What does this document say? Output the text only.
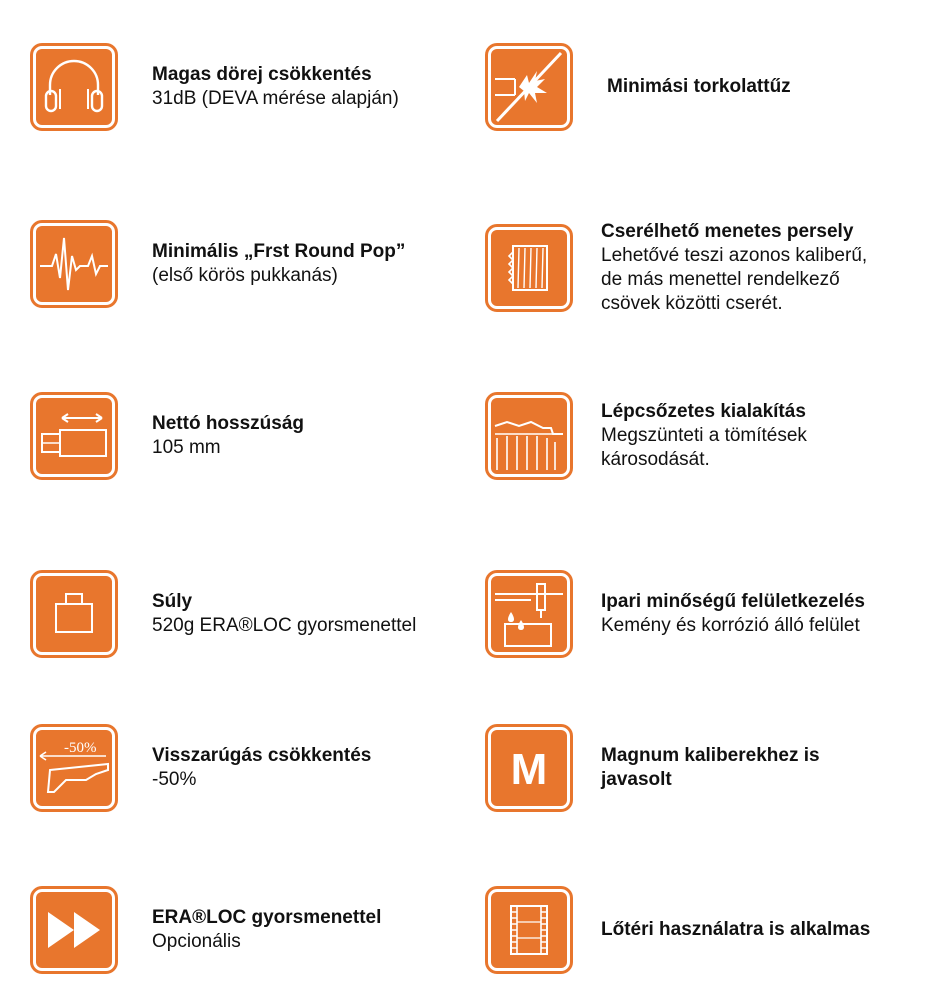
Magas dörej csökkentés
31dB (DEVA mérése alapján)
Minimási torkolattűz
Minimális „Frst Round Pop”
(első körös pukkanás)
Cserélhető menetes persely
Lehetővé teszi azonos kaliberű,
de más menettel rendelkező
csövek közötti cserét.
Nettó hosszúság
105 mm
Lépcsőzetes kialakítás
Megszünteti a tömítések
károsodását.
Súly
520g ERA®LOC gyorsmenettel
Ipari minőségű felületkezelés
Kemény és korrózió álló felület
-50%	Visszarúgás csökkentés
-50%	M	Magnum kaliberekhez is
javasolt
ERA®LOC gyorsmenettel
Opcionális
Lőtéri használatra is alkalmas
